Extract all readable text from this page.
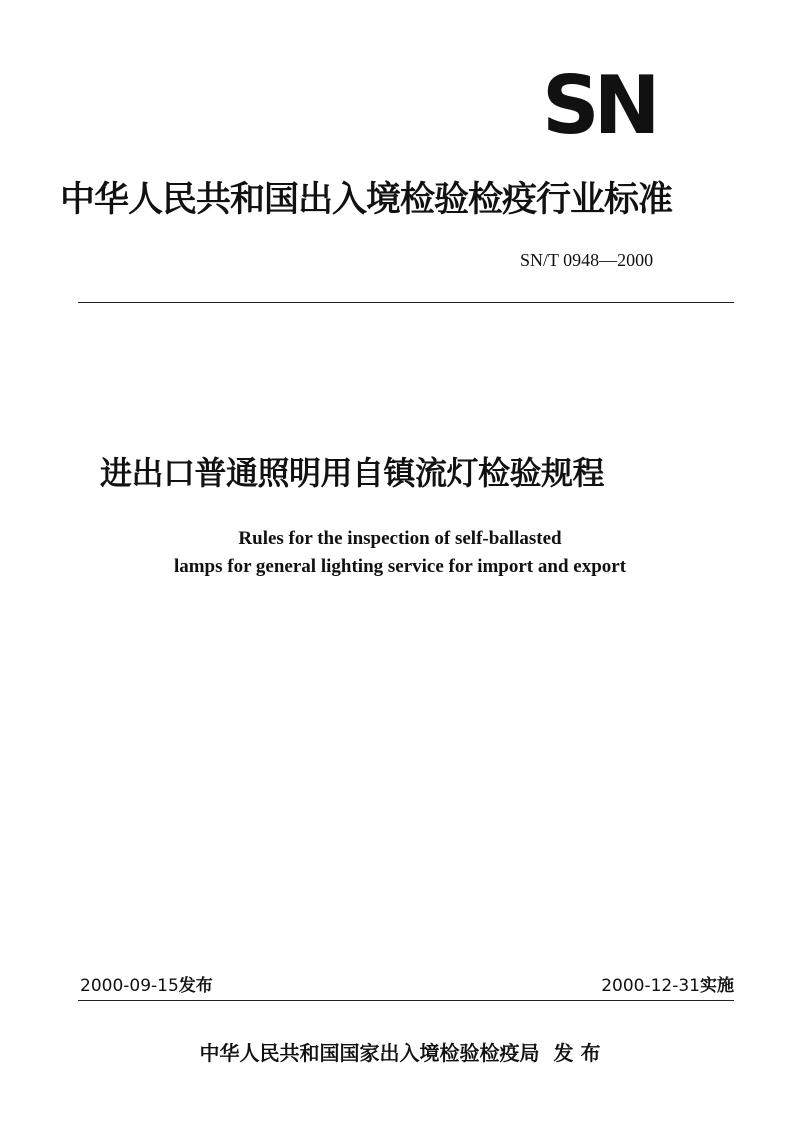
SN
中华人民共和国出入境检验检疫行业标准
SN/T 0948—2000
进出口普通照明用自镇流灯检验规程
Rules for the inspection of self-ballasted
lamps for general lighting service for import and export
2000-09-15发布	2000-12-31实施
中华人民共和国国家出入境检验检疫局 发 布
